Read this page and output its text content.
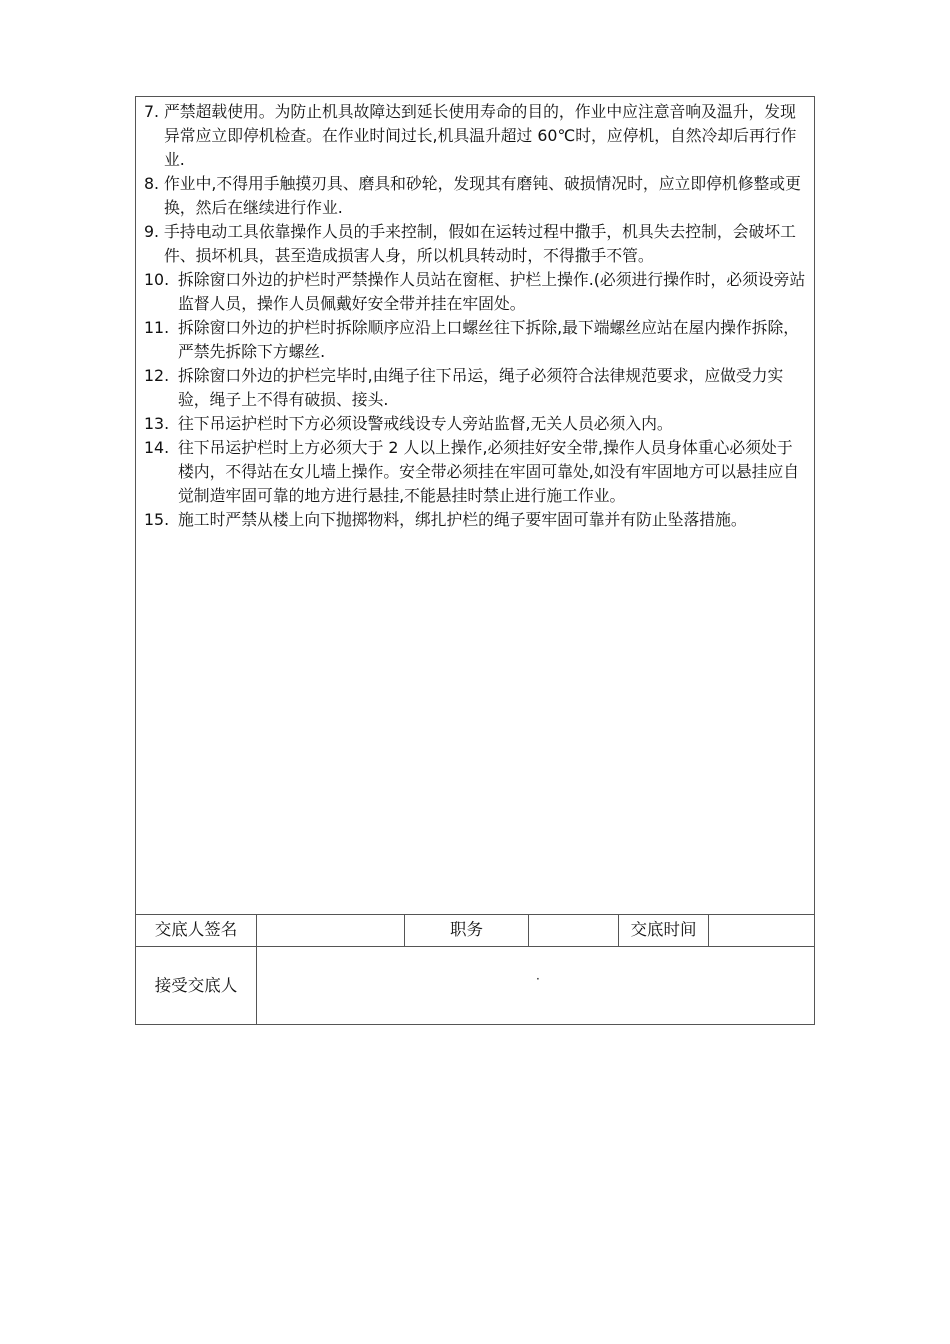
7. 严禁超载使用。为防止机具故障达到延长使用寿命的目的，作业中应注意音响及温升，发现异常应立即停机检查。在作业时间过长,机具温升超过 60℃时，应停机，自然冷却后再行作业.
8. 作业中,不得用手触摸刃具、磨具和砂轮，发现其有磨钝、破损情况时，应立即停机修整或更换，然后在继续进行作业.
9. 手持电动工具依靠操作人员的手来控制，假如在运转过程中撒手，机具失去控制，会破坏工件、损坏机具，甚至造成损害人身，所以机具转动时，不得撒手不管。
10. 拆除窗口外边的护栏时严禁操作人员站在窗框、护栏上操作.(必须进行操作时，必须设旁站监督人员，操作人员佩戴好安全带并挂在牢固处。
11. 拆除窗口外边的护栏时拆除顺序应沿上口螺丝往下拆除,最下端螺丝应站在屋内操作拆除，严禁先拆除下方螺丝.
12. 拆除窗口外边的护栏完毕时,由绳子往下吊运，绳子必须符合法律规范要求，应做受力实验，绳子上不得有破损、接头.
13. 往下吊运护栏时下方必须设警戒线设专人旁站监督,无关人员必须入内。
14. 往下吊运护栏时上方必须大于 2 人以上操作,必须挂好安全带,操作人员身体重心必须处于楼内，不得站在女儿墙上操作。安全带必须挂在牢固可靠处,如没有牢固地方可以悬挂应自觉制造牢固可靠的地方进行悬挂,不能悬挂时禁止进行施工作业。
15. 施工时严禁从楼上向下抛掷物料，绑扎护栏的绳子要牢固可靠并有防止坠落措施。
交底人签名	职务	交底时间
接受交底人	·
